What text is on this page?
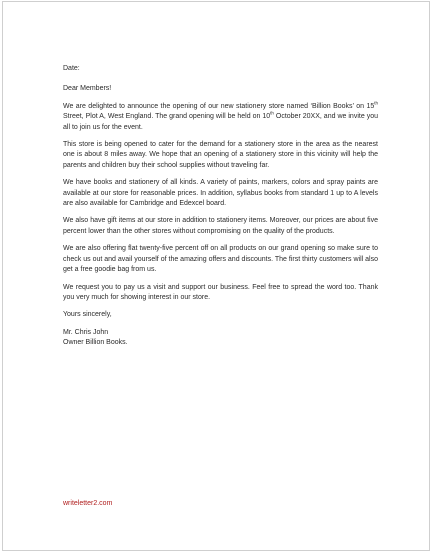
Date:

Dear Members!

We are delighted to announce the opening of our new stationery store named ‘Billion Books’ on 15th Street, Plot A, West England. The grand opening will be held on 10th October 20XX, and we invite you all to join us for the event.

This store is being opened to cater for the demand for a stationery store in the area as the nearest one is about 8 miles away. We hope that an opening of a stationery store in this vicinity will help the parents and children buy their school supplies without traveling far.

We have books and stationery of all kinds. A variety of paints, markers, colors and spray paints are available at our store for reasonable prices. In addition, syllabus books from standard 1 up to A levels are also available for Cambridge and Edexcel board.

We also have gift items at our store in addition to stationery items. Moreover, our prices are about five percent lower than the other stores without compromising on the quality of the products.

We are also offering flat twenty-five percent off on all products on our grand opening so make sure to check us out and avail yourself of the amazing offers and discounts. The first thirty customers will also get a free goodie bag from us.

We request you to pay us a visit and support our business. Feel free to spread the word too. Thank you very much for showing interest in our store.

Yours sincerely,

Mr. Chris John
Owner Billion Books.

writeletter2.com
